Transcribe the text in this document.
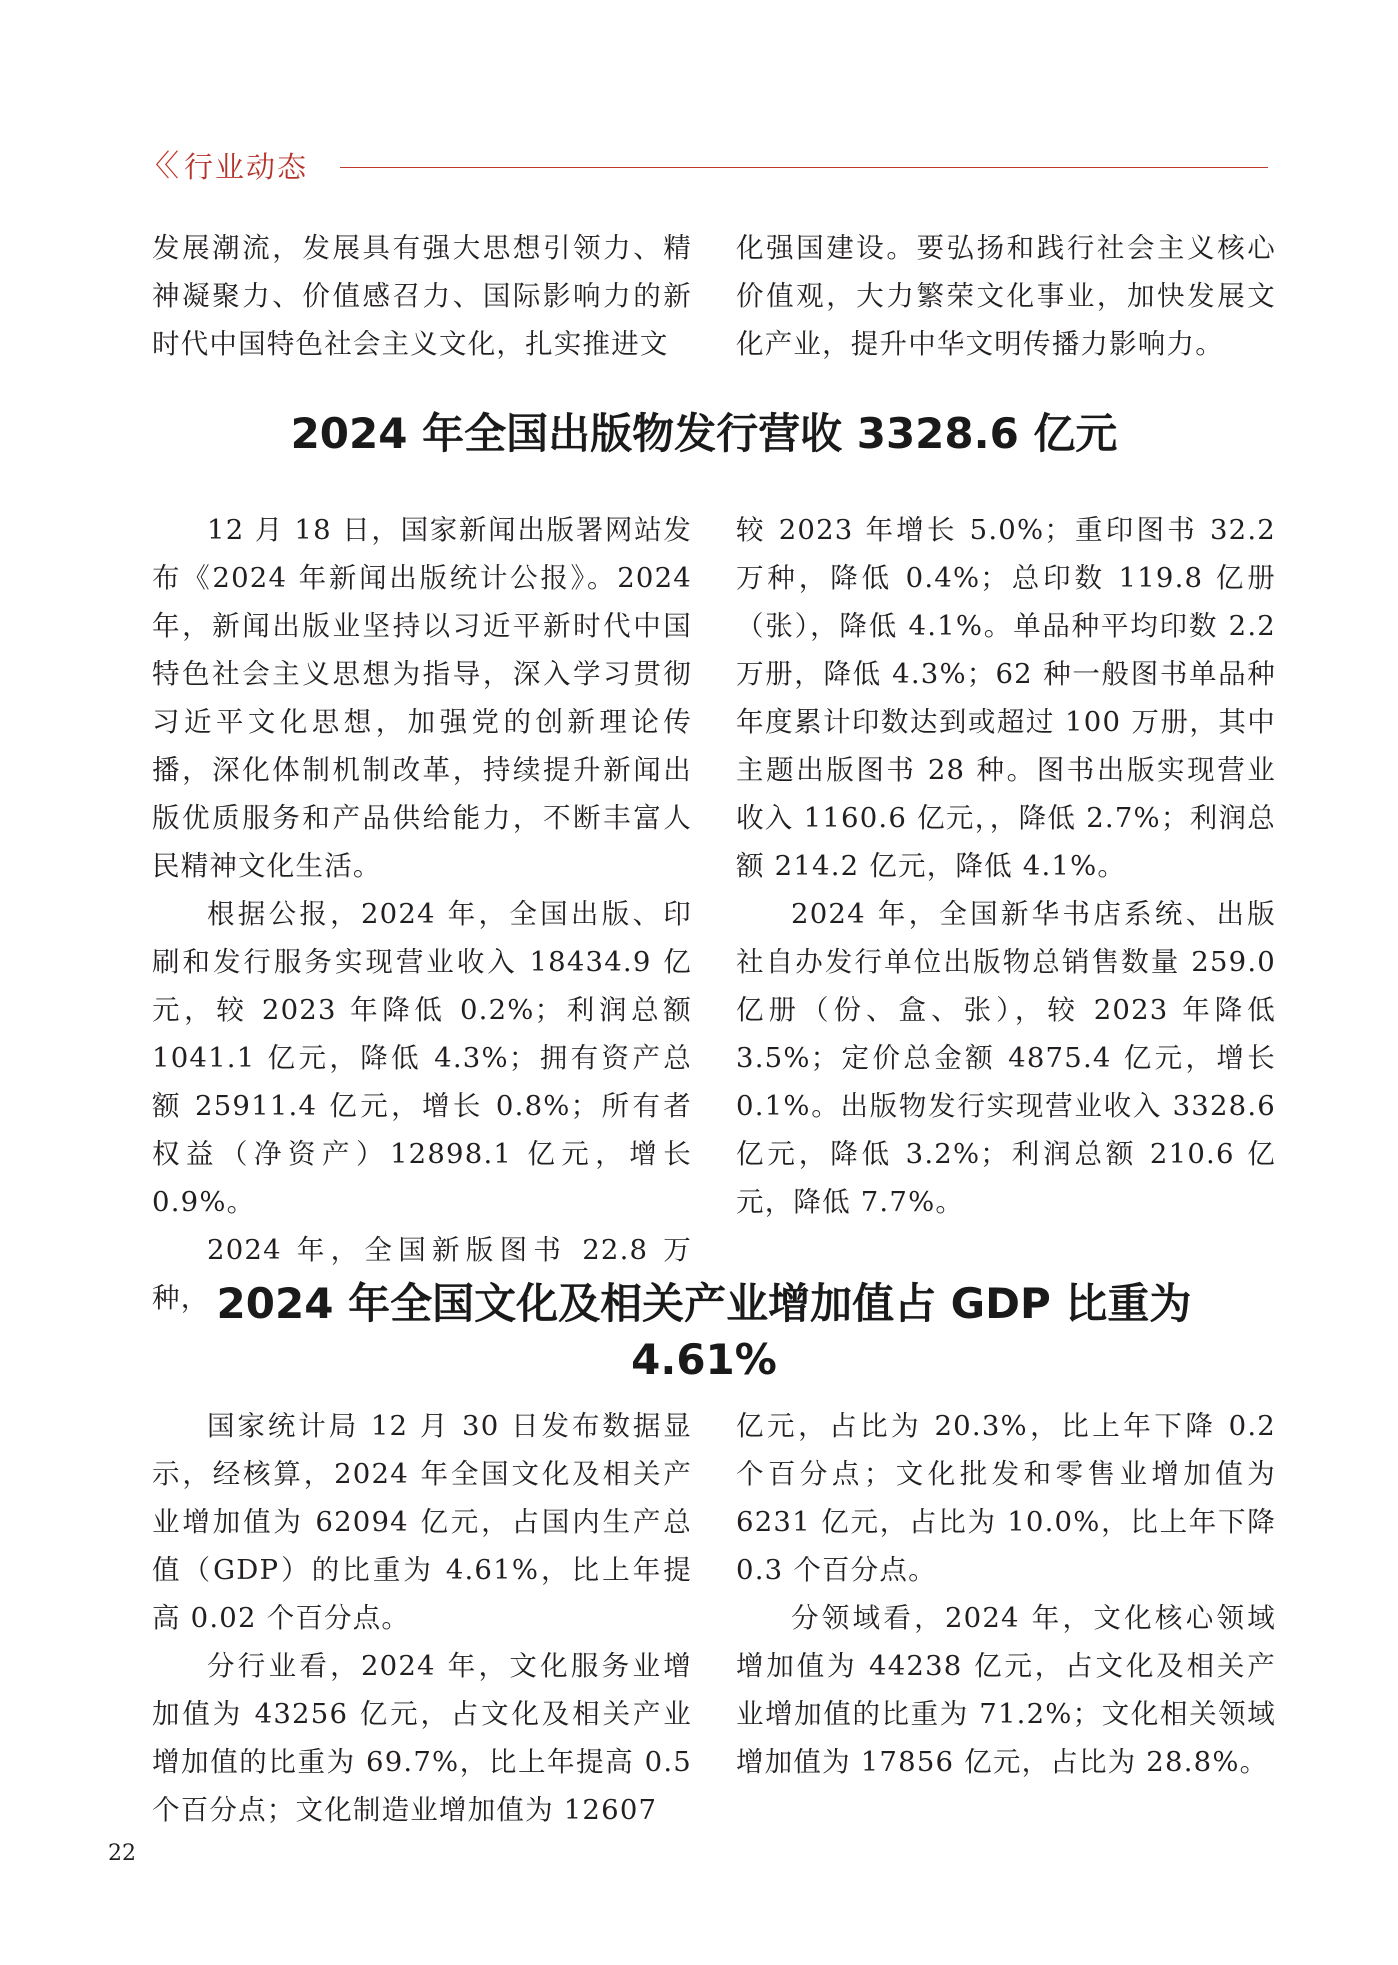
〈〈 行业动态

发展潮流，发展具有强大思想引领力、精神凝聚力、价值感召力、国际影响力的新时代中国特色社会主义文化，扎实推进文

化强国建设。要弘扬和践行社会主义核心价值观，大力繁荣文化事业，加快发展文化产业，提升中华文明传播力影响力。

2024 年全国出版物发行营收 3328.6 亿元

12 月 18 日，国家新闻出版署网站发布《2024 年新闻出版统计公报》。2024 年，新闻出版业坚持以习近平新时代中国特色社会主义思想为指导，深入学习贯彻习近平文化思想，加强党的创新理论传播，深化体制机制改革，持续提升新闻出版优质服务和产品供给能力，不断丰富人民精神文化生活。

根据公报，2024 年，全国出版、印刷和发行服务实现营业收入 18434.9 亿元，较 2023 年降低 0.2%；利润总额 1041.1 亿元，降低 4.3%；拥有资产总额 25911.4 亿元，增长 0.8%；所有者权益（净资产）12898.1 亿元，增长 0.9%。

2024 年，全国新版图书 22.8 万种，

较 2023 年增长 5.0%；重印图书 32.2 万种，降低 0.4%；总印数 119.8 亿册（张），降低 4.1%。单品种平均印数 2.2 万册，降低 4.3%；62 种一般图书单品种年度累计印数达到或超过 100 万册，其中主题出版图书 28 种。图书出版实现营业收入 1160.6 亿元，，降低 2.7%；利润总额 214.2 亿元，降低 4.1%。

2024 年，全国新华书店系统、出版社自办发行单位出版物总销售数量 259.0 亿册（份、盒、张），较 2023 年降低 3.5%；定价总金额 4875.4 亿元，增长 0.1%。出版物发行实现营业收入 3328.6 亿元，降低 3.2%；利润总额 210.6 亿元，降低 7.7%。

2024 年全国文化及相关产业增加值占 GDP 比重为 4.61%

国家统计局 12 月 30 日发布数据显示，经核算，2024 年全国文化及相关产业增加值为 62094 亿元，占国内生产总值（GDP）的比重为 4.61%，比上年提高 0.02 个百分点。

分行业看，2024 年，文化服务业增加值为 43256 亿元，占文化及相关产业增加值的比重为 69.7%，比上年提高 0.5 个百分点；文化制造业增加值为 12607

亿元，占比为 20.3%，比上年下降 0.2 个百分点；文化批发和零售业增加值为 6231 亿元，占比为 10.0%，比上年下降 0.3 个百分点。

分领域看，2024 年，文化核心领域增加值为 44238 亿元，占文化及相关产业增加值的比重为 71.2%；文化相关领域增加值为 17856 亿元，占比为 28.8%。

22
